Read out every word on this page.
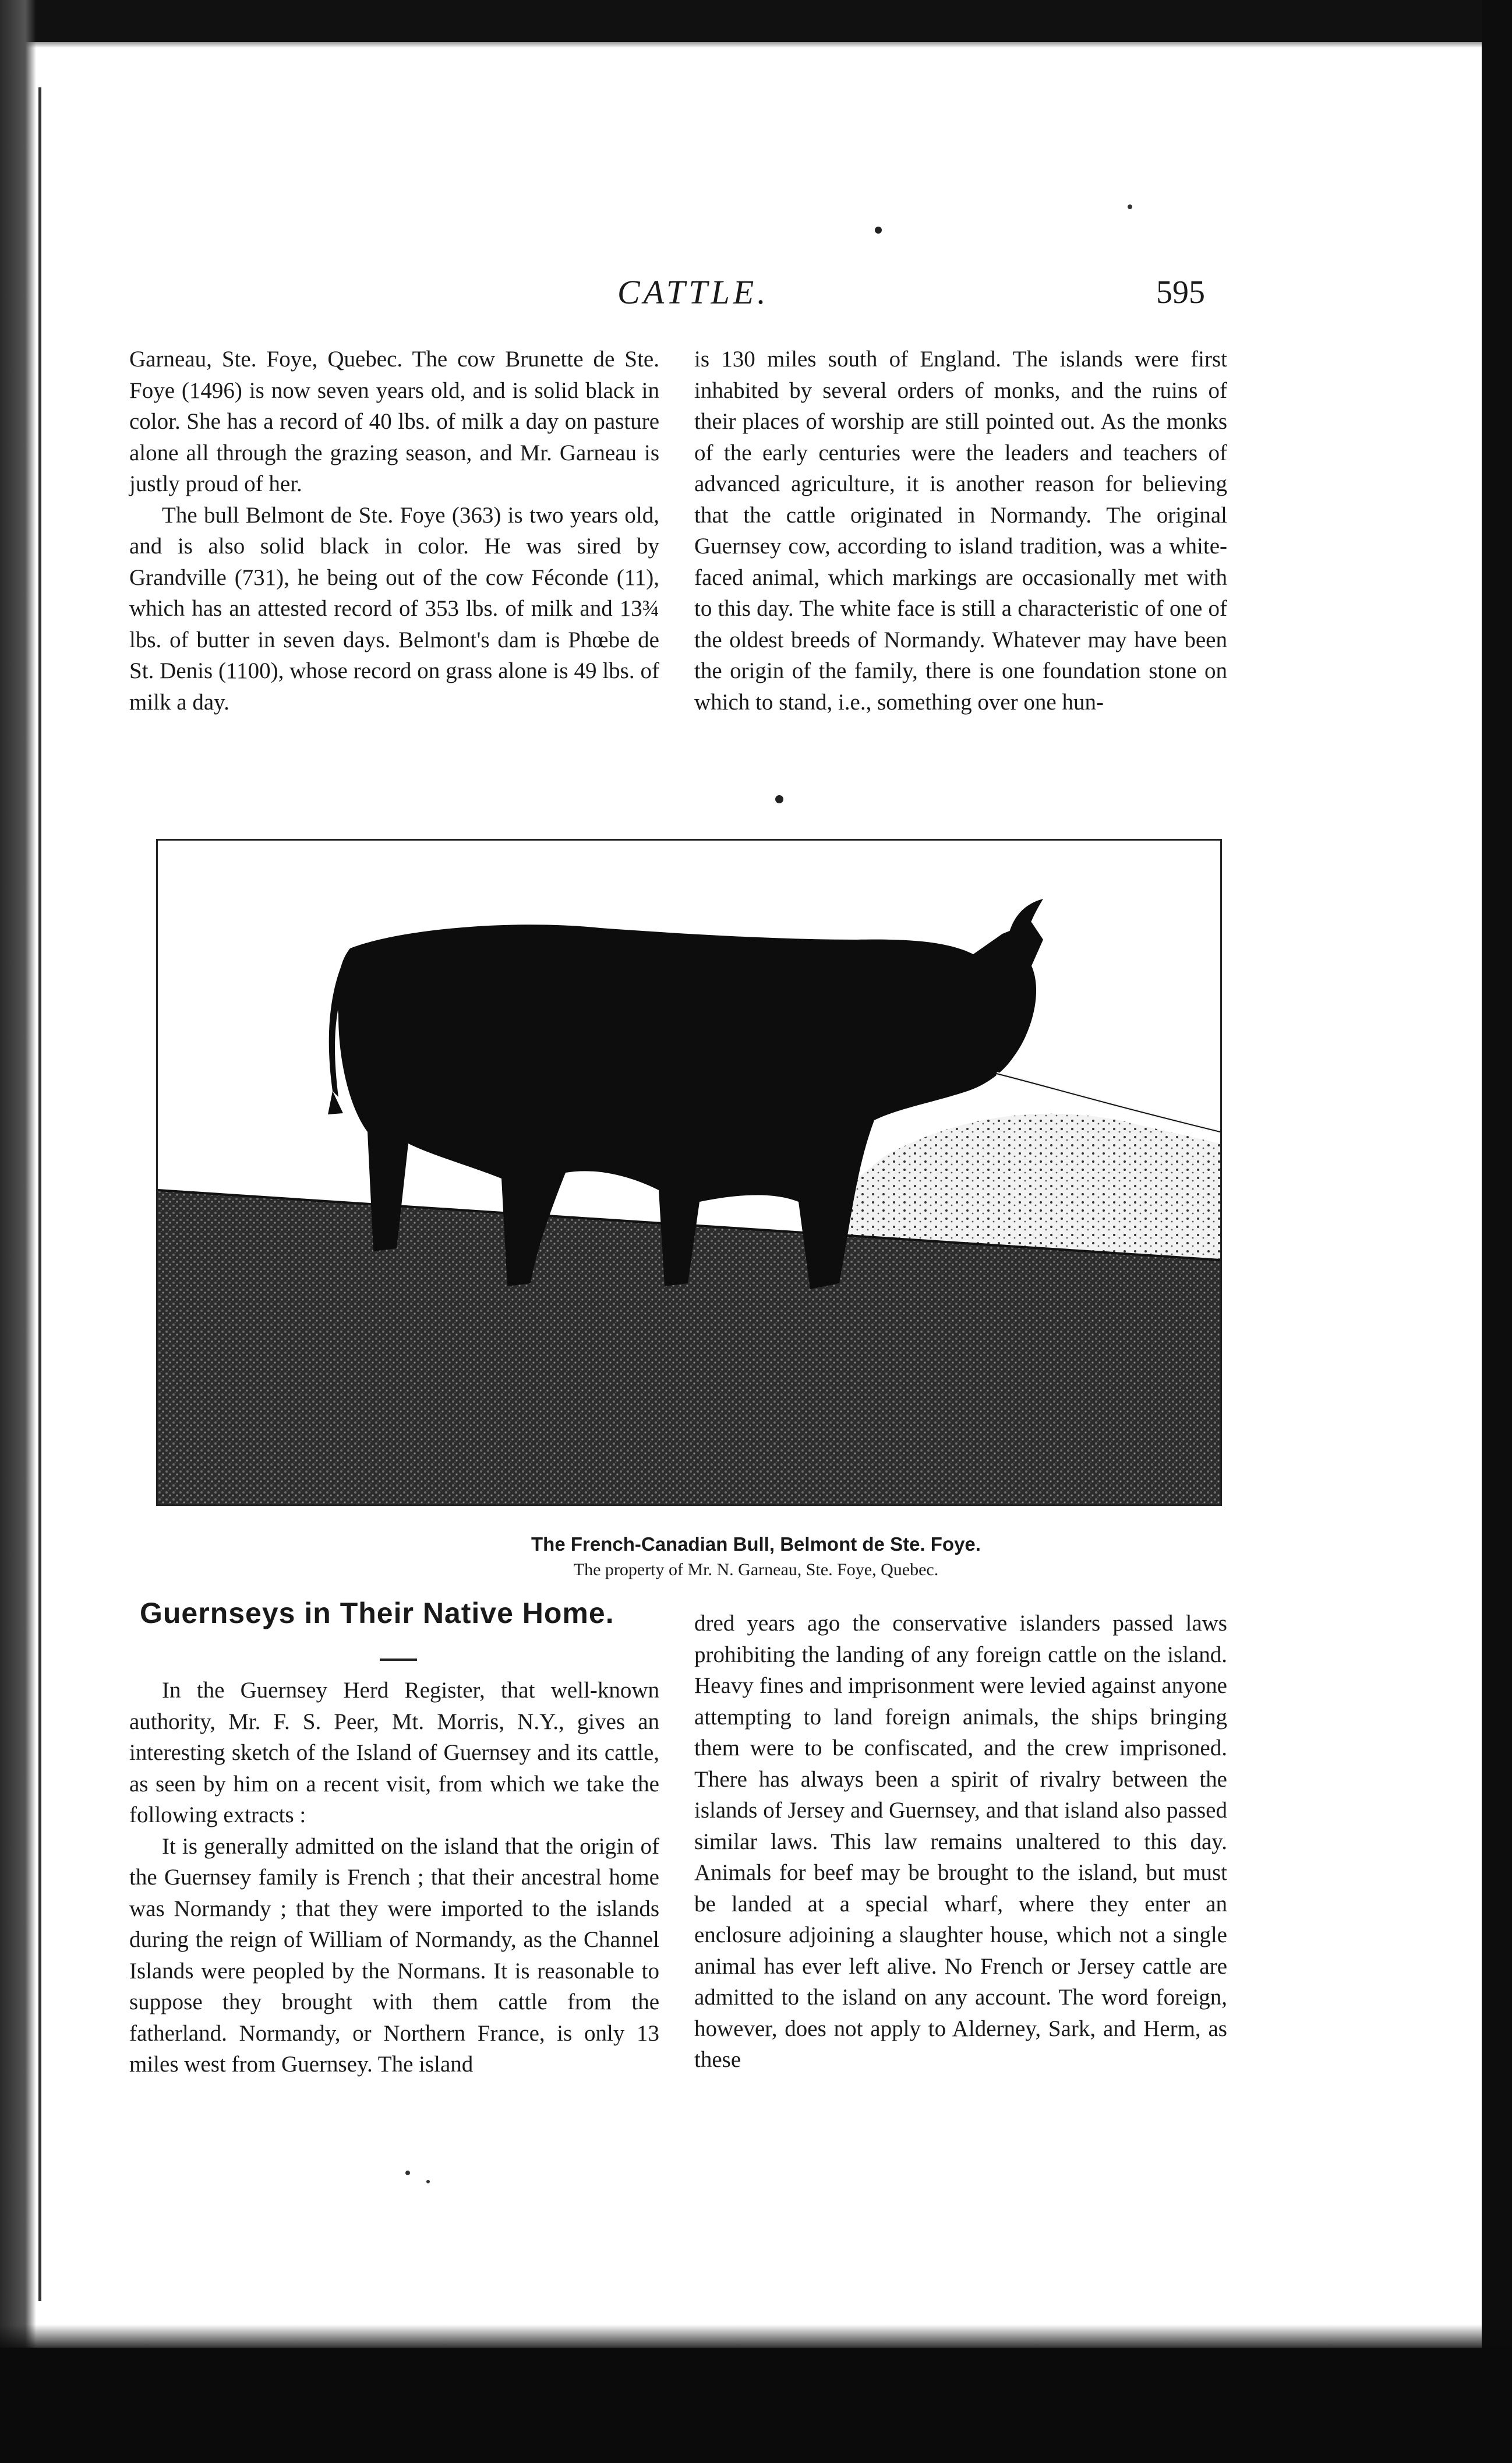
CATTLE.	595

Garneau, Ste. Foye, Quebec. The cow Brunette de Ste. Foye (1496) is now seven years old, and is solid black in color. She has a record of 40 lbs. of milk a day on pasture alone all through the grazing season, and Mr. Garneau is justly proud of her.

The bull Belmont de Ste. Foye (363) is two years old, and is also solid black in color. He was sired by Grandville (731), he being out of the cow Féconde (11), which has an attested record of 353 lbs. of milk and 13¾ lbs. of butter in seven days. Belmont's dam is Phœbe de St. Denis (1100), whose record on grass alone is 49 lbs. of milk a day.

is 130 miles south of England. The islands were first inhabited by several orders of monks, and the ruins of their places of worship are still pointed out. As the monks of the early centuries were the leaders and teachers of advanced agriculture, it is another reason for believing that the cattle originated in Normandy. The original Guernsey cow, according to island tradition, was a white-faced animal, which markings are occasionally met with to this day. The white face is still a characteristic of one of the oldest breeds of Normandy. Whatever may have been the origin of the family, there is one foundation stone on which to stand, i.e., something over one hun-

The French-Canadian Bull, Belmont de Ste. Foye.
The property of Mr. N. Garneau, Ste. Foye, Quebec.
Guernseys in Their Native Home.

In the Guernsey Herd Register, that well-known authority, Mr. F. S. Peer, Mt. Morris, N.Y., gives an interesting sketch of the Island of Guernsey and its cattle, as seen by him on a recent visit, from which we take the following extracts :

It is generally admitted on the island that the origin of the Guernsey family is French ; that their ancestral home was Normandy ; that they were imported to the islands during the reign of William of Normandy, as the Channel Islands were peopled by the Normans. It is reasonable to suppose they brought with them cattle from the fatherland. Normandy, or Northern France, is only 13 miles west from Guernsey. The island

dred years ago the conservative islanders passed laws prohibiting the landing of any foreign cattle on the island. Heavy fines and imprisonment were levied against anyone attempting to land foreign animals, the ships bringing them were to be confiscated, and the crew imprisoned. There has always been a spirit of rivalry between the islands of Jersey and Guernsey, and that island also passed similar laws. This law remains unaltered to this day. Animals for beef may be brought to the island, but must be landed at a special wharf, where they enter an enclosure adjoining a slaughter house, which not a single animal has ever left alive. No French or Jersey cattle are admitted to the island on any account. The word foreign, however, does not apply to Alderney, Sark, and Herm, as these
